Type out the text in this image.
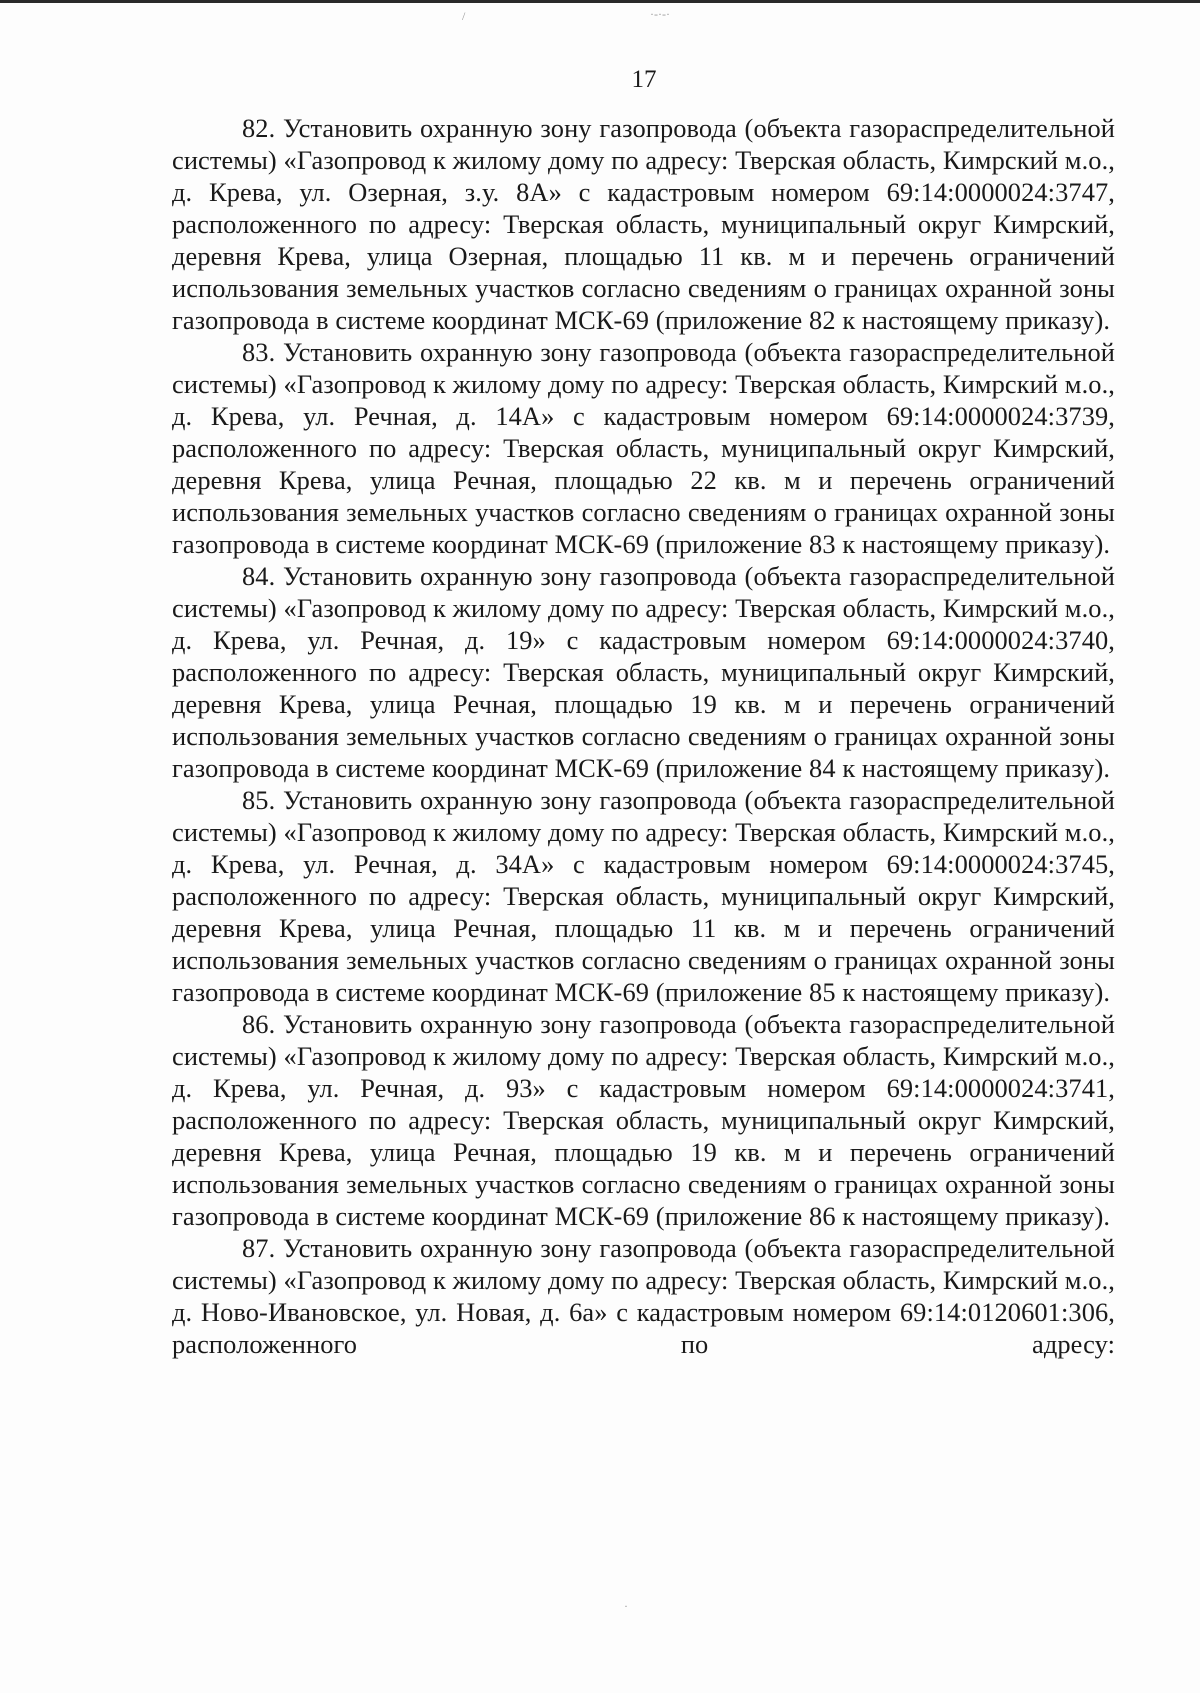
/	·-·-·
·
17

82. Установить охранную зону газопровода (объекта газораспределительной системы) «Газопровод к жилому дому по адресу: Тверская область, Кимрский м.о., д. Крева, ул. Озерная, з.у. 8А» с кадастровым номером 69:14:0000024:3747, расположенного по адресу: Тверская область, муниципальный округ Кимрский, деревня Крева, улица Озерная, площадью 11 кв. м и перечень ограничений использования земельных участков согласно сведениям о границах охранной зоны газопровода в системе координат МСК-69 (приложение 82 к настоящему приказу).

83. Установить охранную зону газопровода (объекта газораспределительной системы) «Газопровод к жилому дому по адресу: Тверская область, Кимрский м.о., д. Крева, ул. Речная, д. 14А» с кадастровым номером 69:14:0000024:3739, расположенного по адресу: Тверская область, муниципальный округ Кимрский, деревня Крева, улица Речная, площадью 22 кв. м и перечень ограничений использования земельных участков согласно сведениям о границах охранной зоны газопровода в системе координат МСК-69 (приложение 83 к настоящему приказу).

84. Установить охранную зону газопровода (объекта газораспределительной системы) «Газопровод к жилому дому по адресу: Тверская область, Кимрский м.о., д. Крева, ул. Речная, д. 19» с кадастровым номером 69:14:0000024:3740, расположенного по адресу: Тверская область, муниципальный округ Кимрский, деревня Крева, улица Речная, площадью 19 кв. м и перечень ограничений использования земельных участков согласно сведениям о границах охранной зоны газопровода в системе координат МСК-69 (приложение 84 к настоящему приказу).

85. Установить охранную зону газопровода (объекта газораспределительной системы) «Газопровод к жилому дому по адресу: Тверская область, Кимрский м.о., д. Крева, ул. Речная, д. 34А» с кадастровым номером 69:14:0000024:3745, расположенного по адресу: Тверская область, муниципальный округ Кимрский, деревня Крева, улица Речная, площадью 11 кв. м и перечень ограничений использования земельных участков согласно сведениям о границах охранной зоны газопровода в системе координат МСК-69 (приложение 85 к настоящему приказу).

86. Установить охранную зону газопровода (объекта газораспределительной системы) «Газопровод к жилому дому по адресу: Тверская область, Кимрский м.о., д. Крева, ул. Речная, д. 93» с кадастровым номером 69:14:0000024:3741, расположенного по адресу: Тверская область, муниципальный округ Кимрский, деревня Крева, улица Речная, площадью 19 кв. м и перечень ограничений использования земельных участков согласно сведениям о границах охранной зоны газопровода в системе координат МСК-69 (приложение 86 к настоящему приказу).

87. Установить охранную зону газопровода (объекта газораспределительной системы) «Газопровод к жилому дому по адресу: Тверская область, Кимрский м.о., д. Ново-Ивановское, ул. Новая, д. 6а» с кадастровым номером 69:14:0120601:306, расположенного по адресу:
